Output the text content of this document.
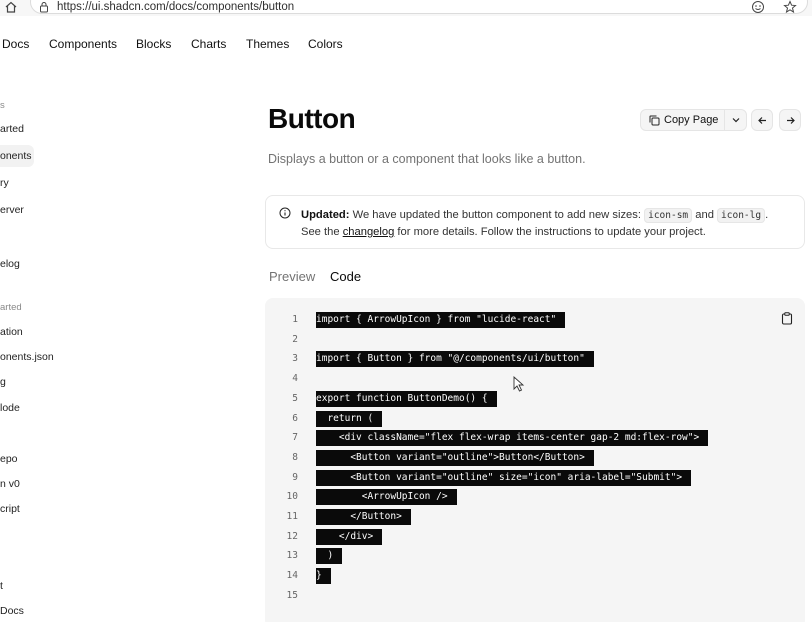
https://ui.shadcn.com/docs/components/button
Docs Components Blocks Charts Themes Colors
s
arted
onents
ry
erver
elog
arted
ation
onents.json
g
lode
epo
n v0
cript
t
Docs
Button

Displays a button or a component that looks like a button.

Copy Page
Updated: We have updated the button component to add new sizes: icon-sm and icon-lg .
See the changelog for more details. Follow the instructions to update your project.
Preview Code
1 import { ArrowUpIcon } from "lucide-react"
2
3 import { Button } from "@/components/ui/button"
4
5 export function ButtonDemo() {
6 return (
7 <div className="flex flex-wrap items-center gap-2 md:flex-row">
8 <Button variant="outline">Button</Button>
9 <Button variant="outline" size="icon" aria-label="Submit">
10 <ArrowUpIcon />
11 </Button>
12 </div>
13 )
14 }
15
